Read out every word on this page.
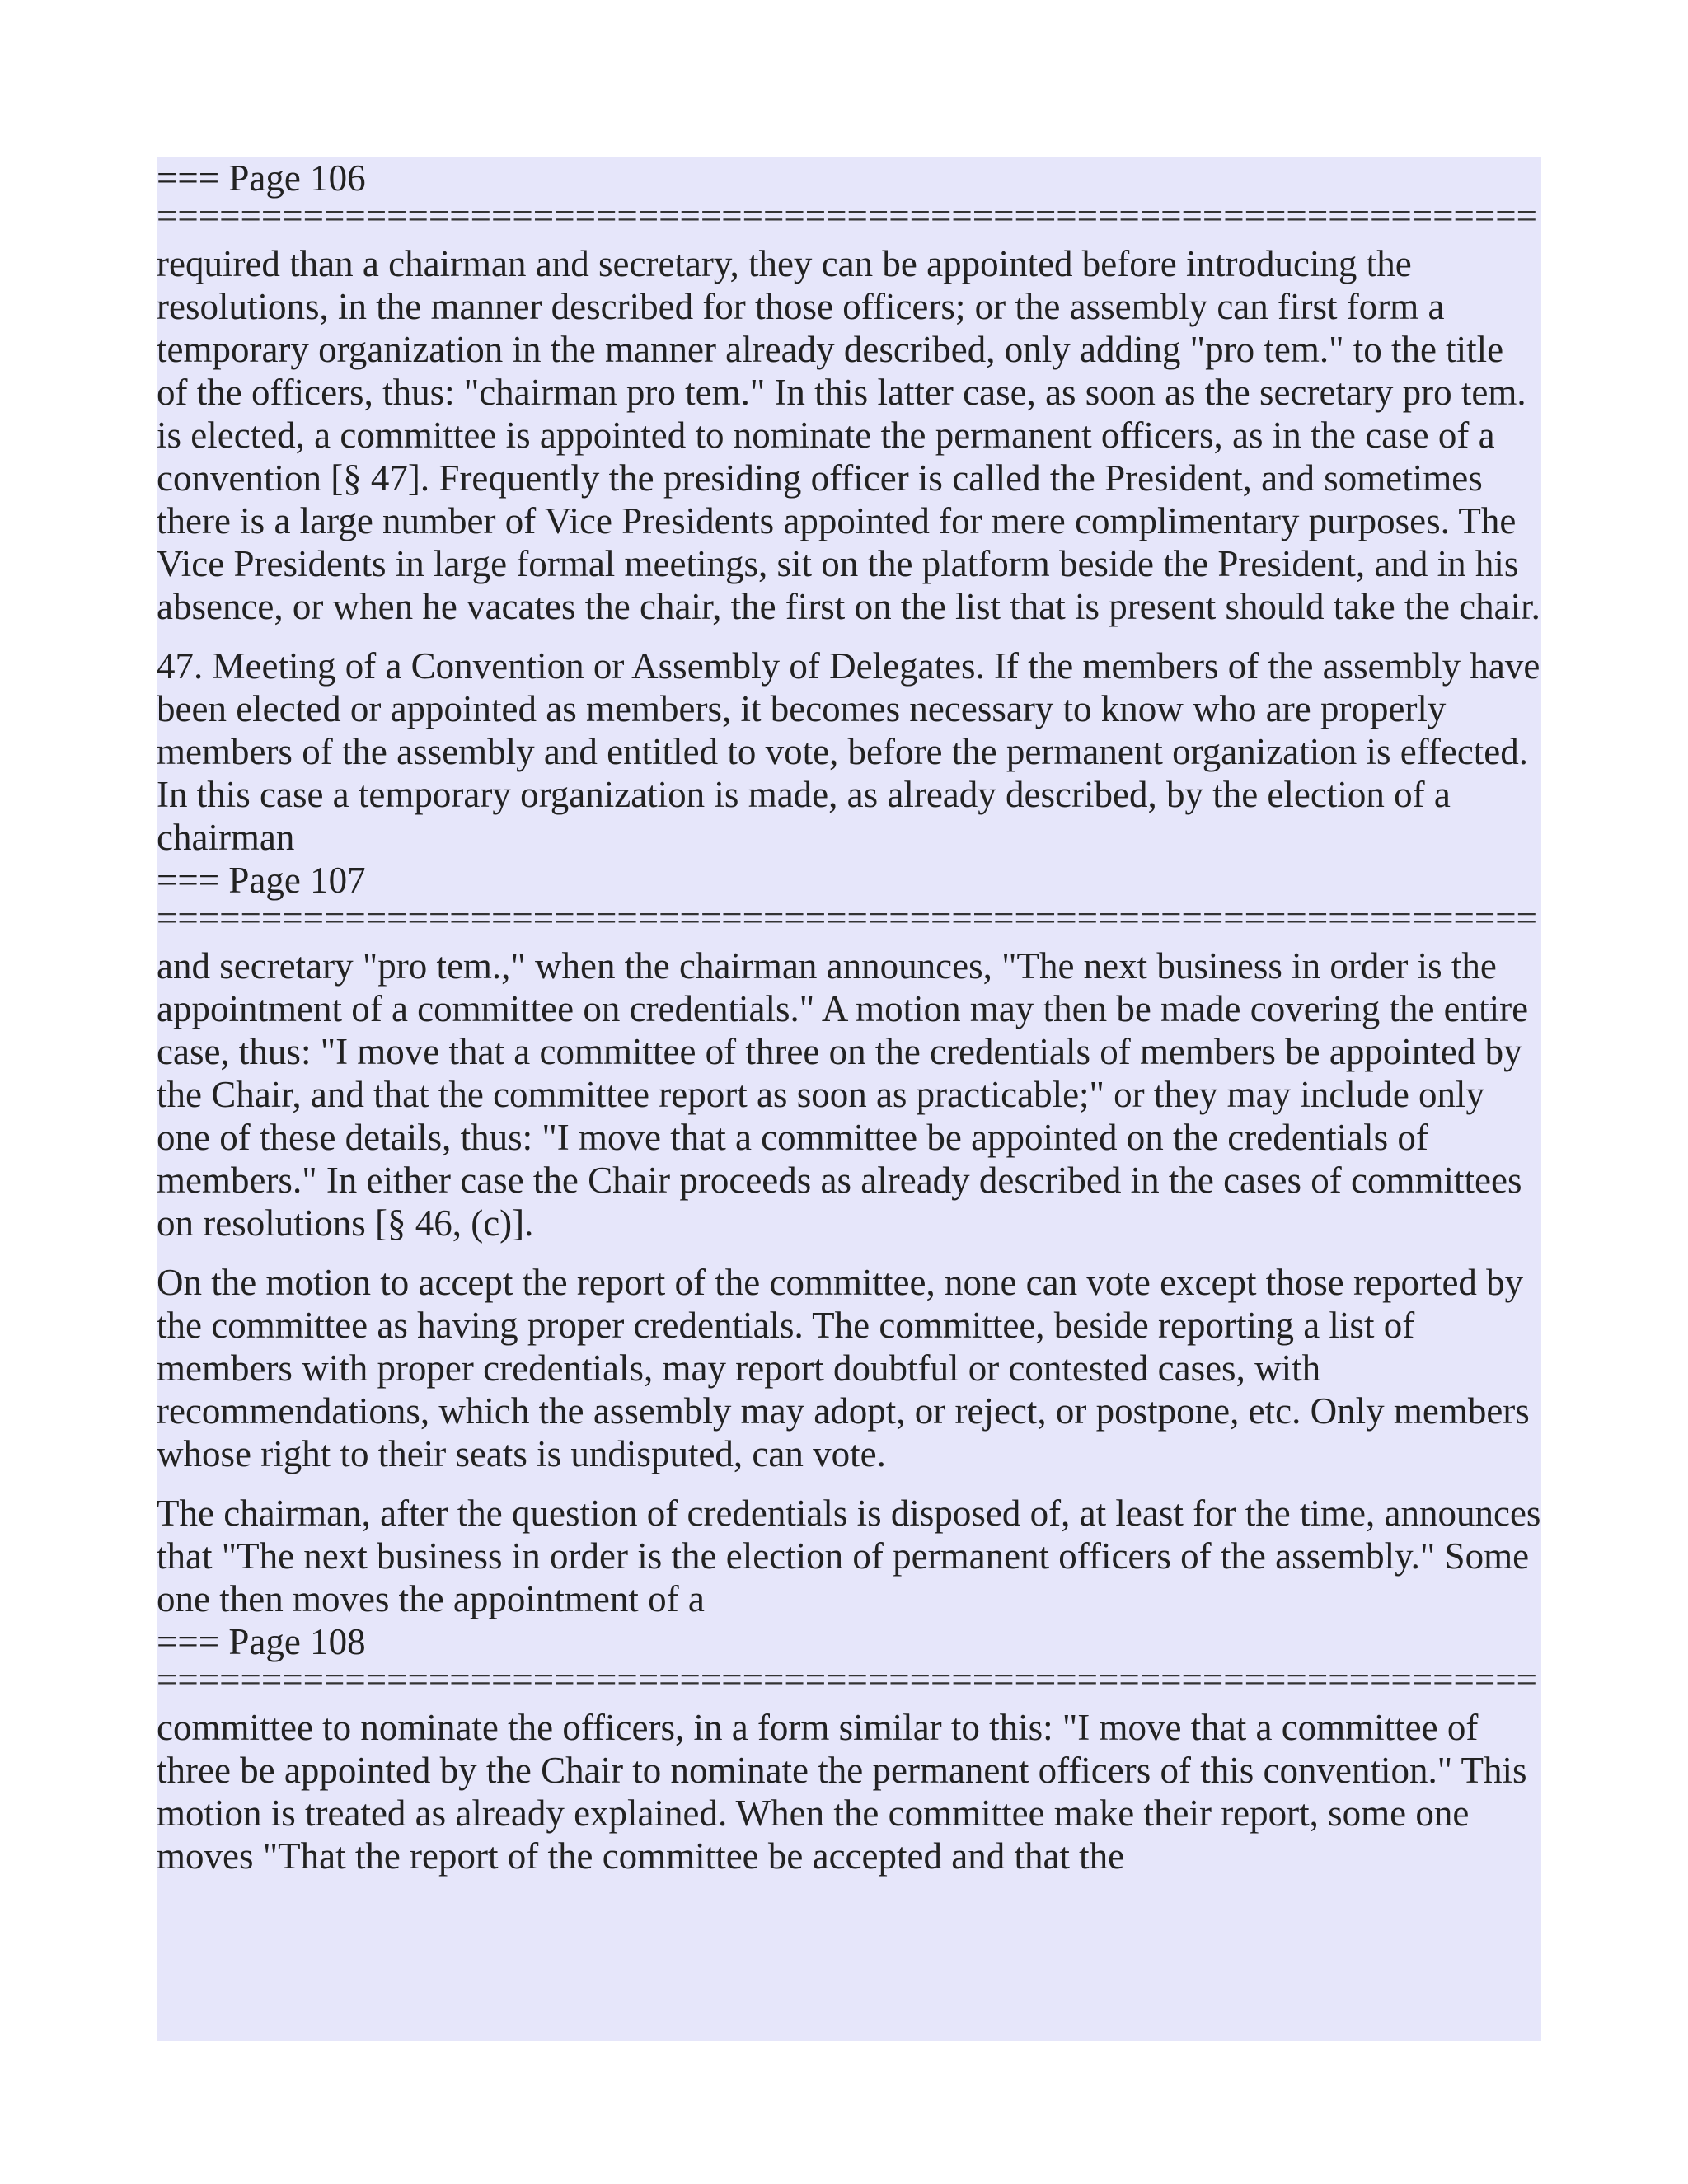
=== Page 106
==================================================================

required than a chairman and secretary, they can be appointed before introducing the resolutions, in the manner described for those officers; or the assembly can first form a temporary organization in the manner already described, only adding "pro tem." to the title of the officers, thus: "chairman pro tem." In this latter case, as soon as the secretary pro tem. is elected, a committee is appointed to nominate the permanent officers, as in the case of a convention [§ 47]. Frequently the presiding officer is called the President, and sometimes there is a large number of Vice Presidents appointed for mere complimentary purposes. The Vice Presidents in large formal meetings, sit on the platform beside the President, and in his absence, or when he vacates the chair, the first on the list that is present should take the chair.

47. Meeting of a Convention or Assembly of Delegates. If the members of the assembly have been elected or appointed as members, it becomes necessary to know who are properly members of the assembly and entitled to vote, before the permanent organization is effected. In this case a temporary organization is made, as already described, by the election of a chairman

=== Page 107
==================================================================

and secretary "pro tem.," when the chairman announces, "The next business in order is the appointment of a committee on credentials." A motion may then be made covering the entire case, thus: "I move that a committee of three on the credentials of members be appointed by the Chair, and that the committee report as soon as practicable;" or they may include only one of these details, thus: "I move that a committee be appointed on the credentials of members." In either case the Chair proceeds as already described in the cases of committees on resolutions [§ 46, (c)].

On the motion to accept the report of the committee, none can vote except those reported by the committee as having proper credentials. The committee, beside reporting a list of members with proper credentials, may report doubtful or contested cases, with recommendations, which the assembly may adopt, or reject, or postpone, etc. Only members whose right to their seats is undisputed, can vote.

The chairman, after the question of credentials is disposed of, at least for the time, announces that "The next business in order is the election of permanent officers of the assembly." Some one then moves the appointment of a

=== Page 108
==================================================================

committee to nominate the officers, in a form similar to this: "I move that a committee of three be appointed by the Chair to nominate the permanent officers of this convention." This motion is treated as already explained. When the committee make their report, some one moves "That the report of the committee be accepted and that the
